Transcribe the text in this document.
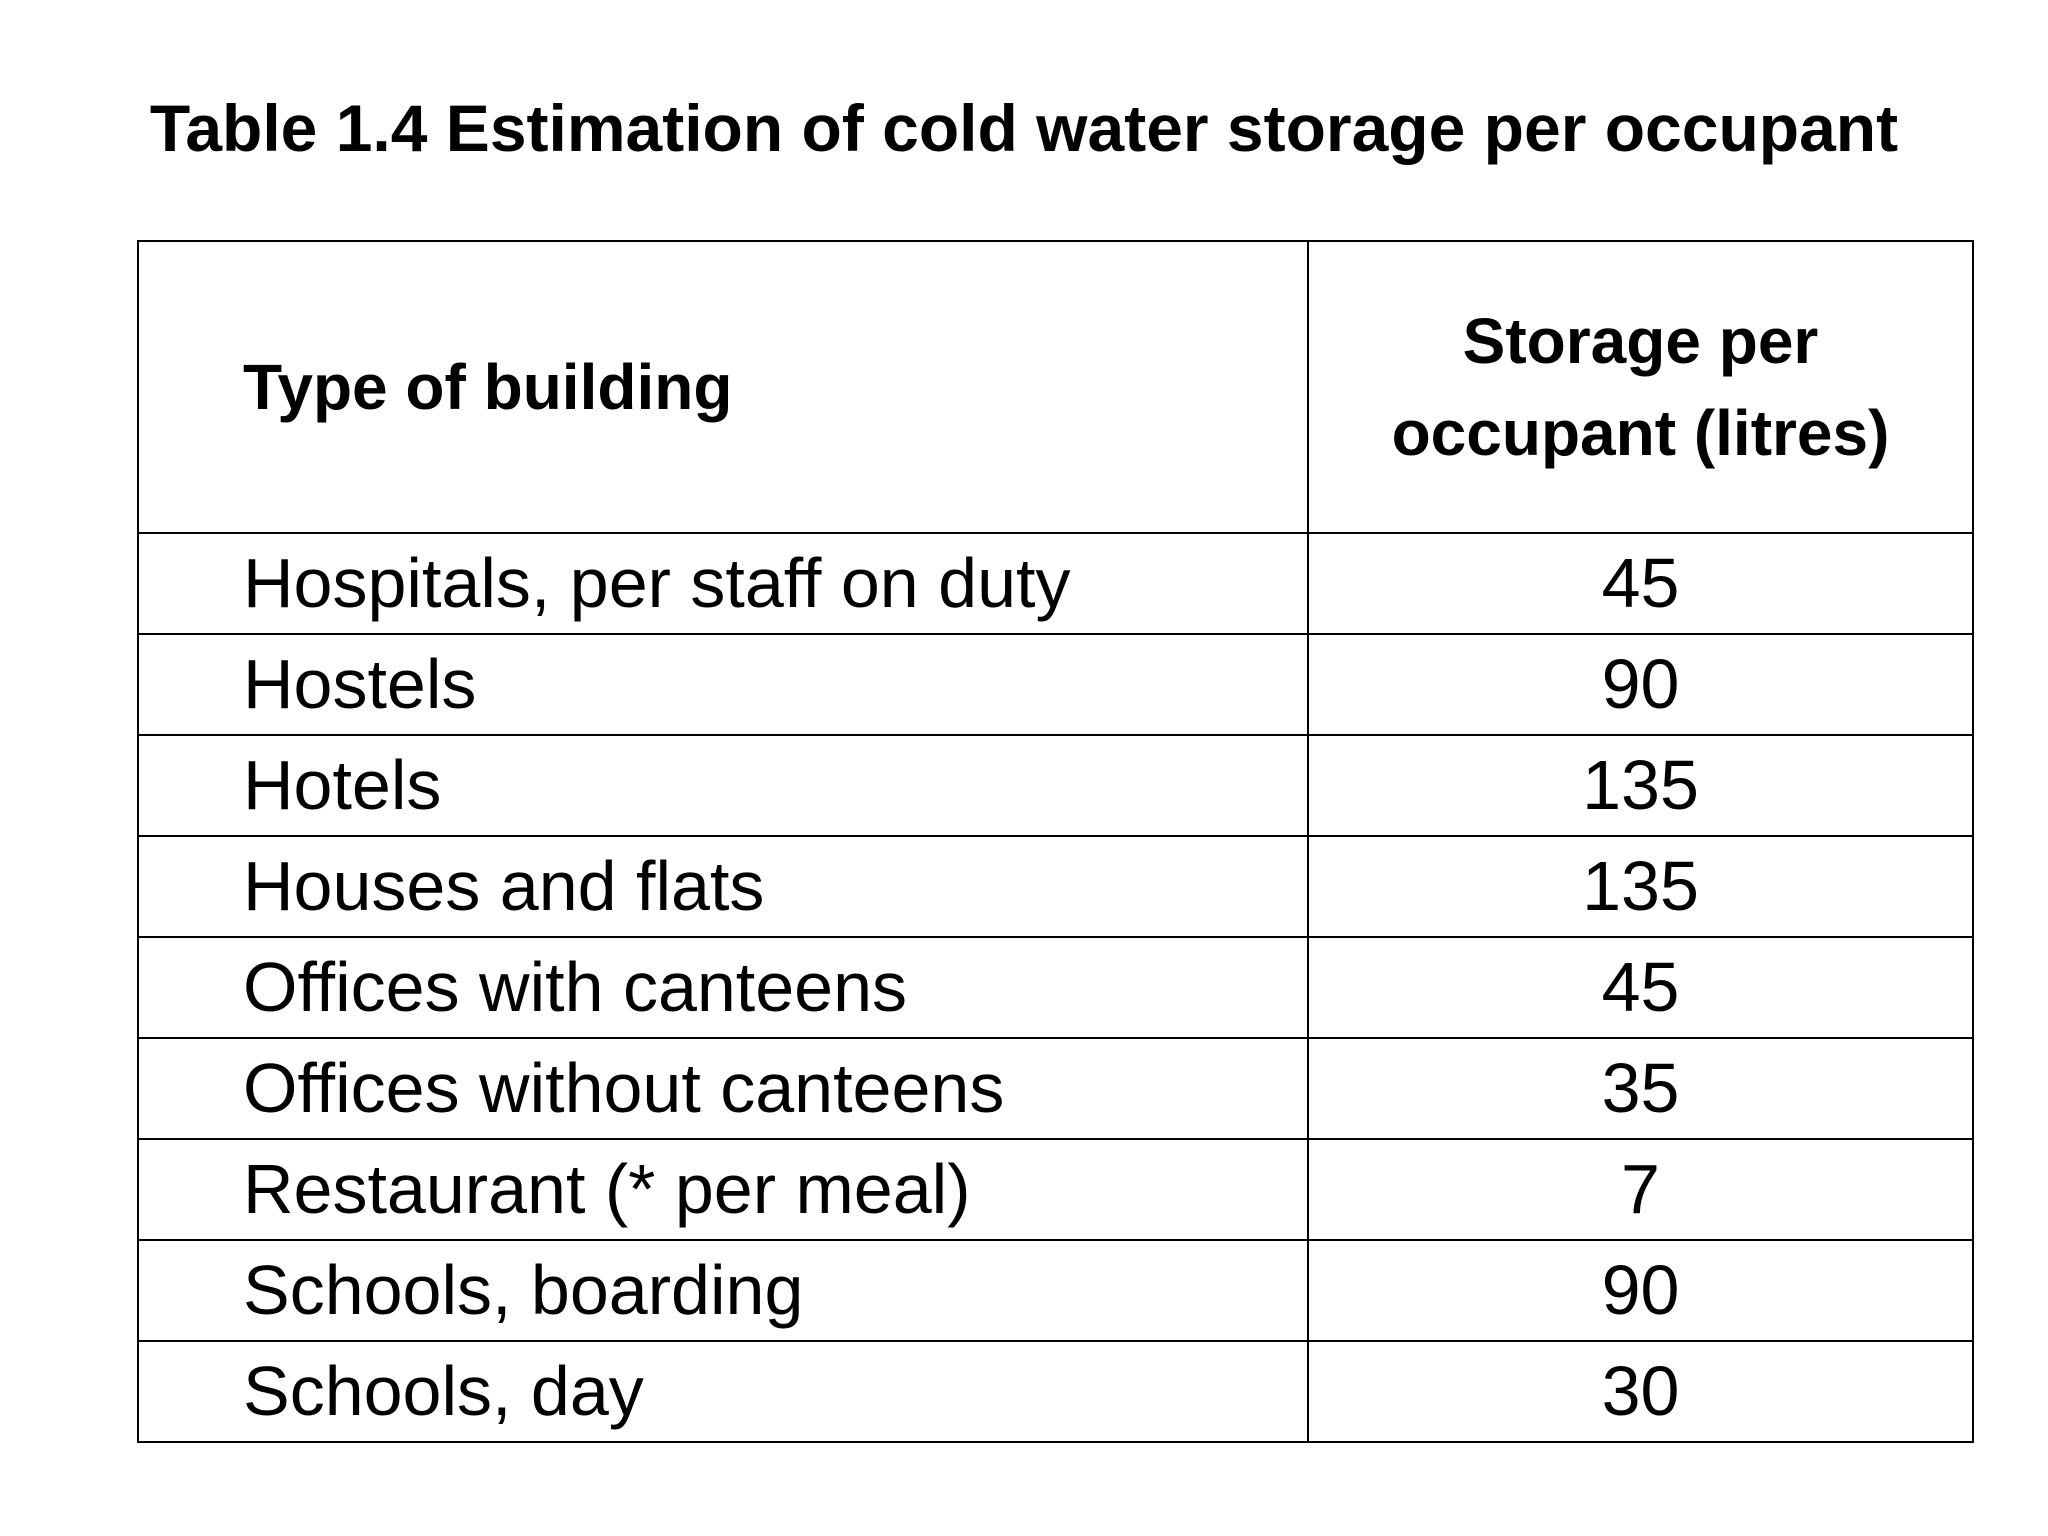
Table 1.4 Estimation of cold water storage per occupant
Type of building	Storage per
occupant (litres)
Hospitals, per staff on duty	45
Hostels	90
Hotels	135
Houses and flats	135
Offices with canteens	45
Offices without canteens	35
Restaurant (* per meal)	7
Schools, boarding	90
Schools, day	30
